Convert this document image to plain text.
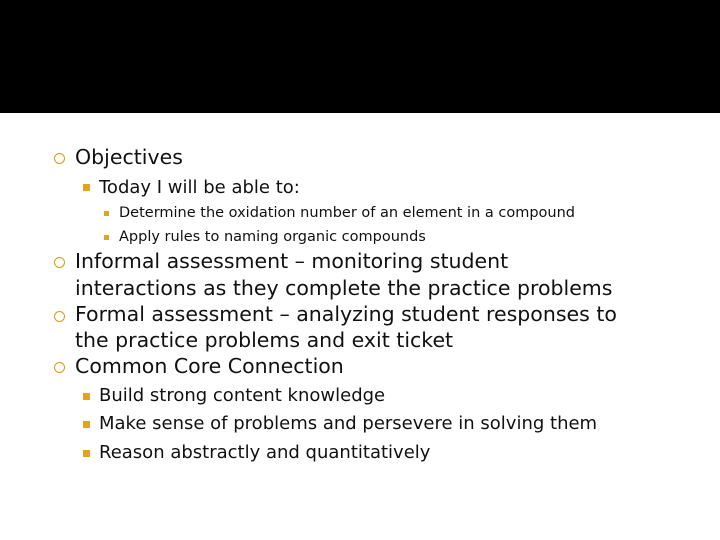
Objectives
Today I will be able to:
Determine the oxidation number of an element in a compound
Apply rules to naming organic compounds
Informal assessment – monitoring student
interactions as they complete the practice problems
Formal assessment – analyzing student responses to
the practice problems and exit ticket
Common Core Connection
Build strong content knowledge
Make sense of problems and persevere in solving them
Reason abstractly and quantitatively
